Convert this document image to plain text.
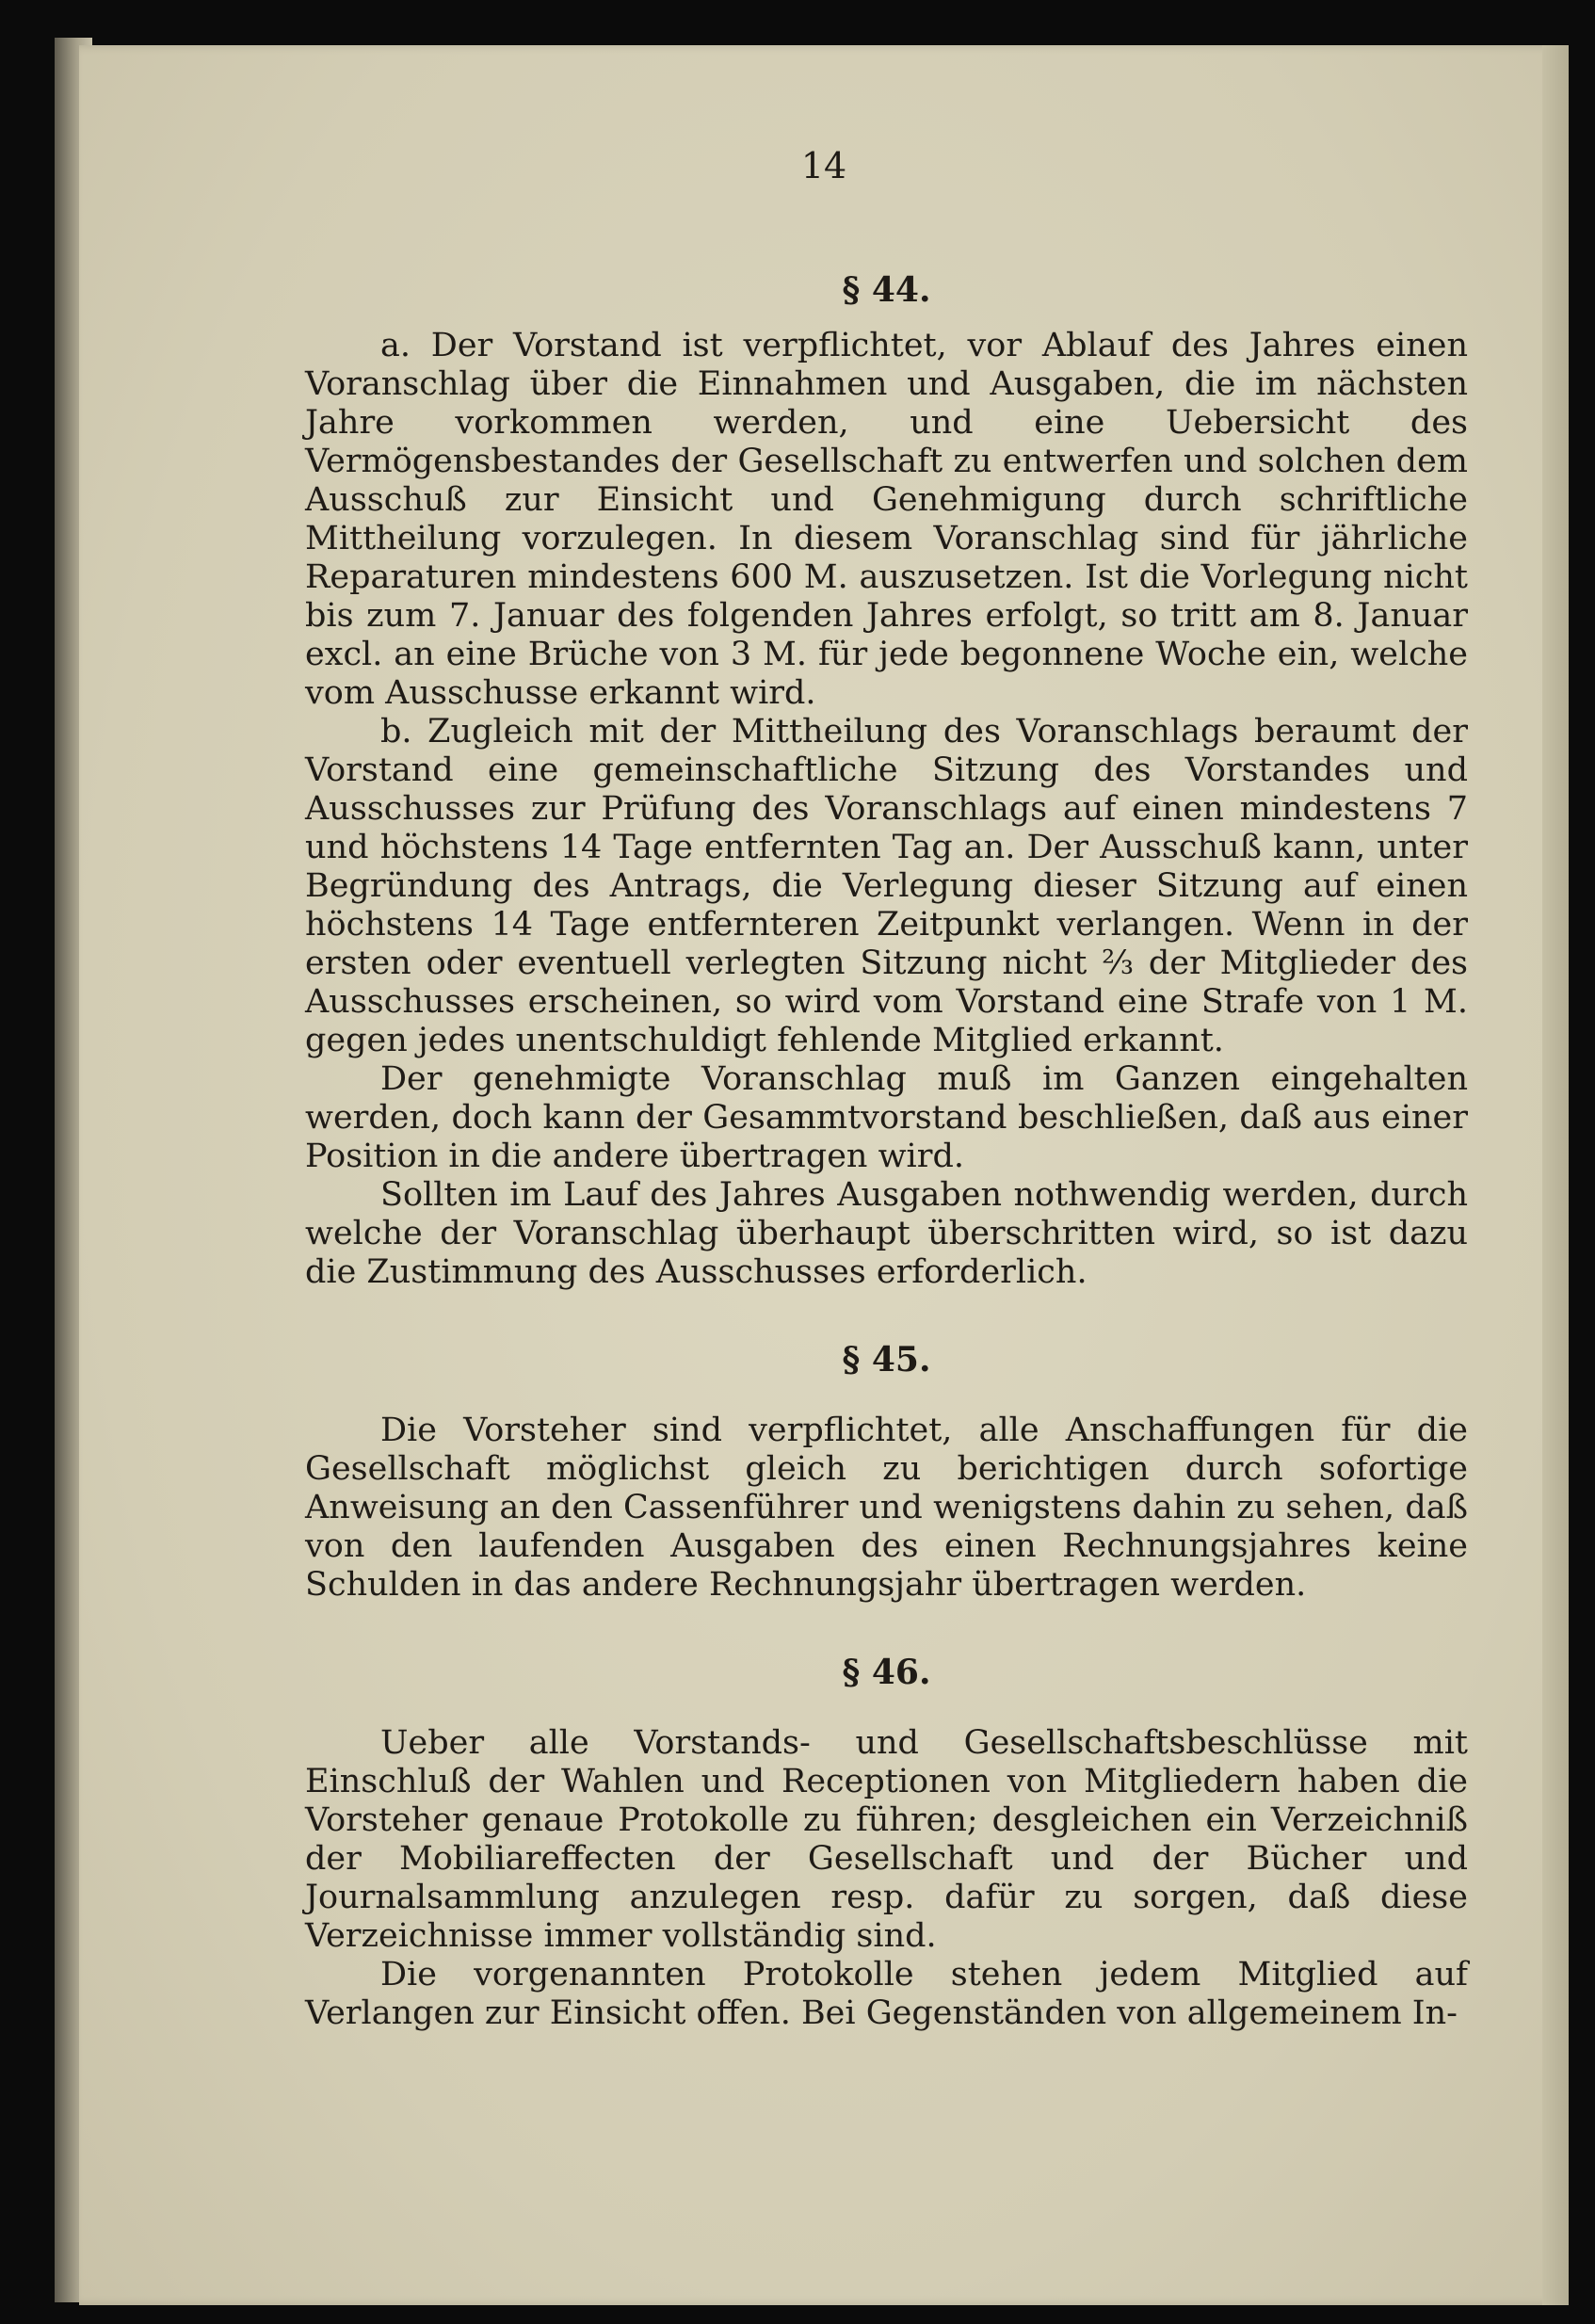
14
§ 44.

a. Der Vorstand ist verpflichtet, vor Ablauf des Jahres einen Voranschlag über die Einnahmen und Ausgaben, die im nächsten Jahre vorkommen werden, und eine Uebersicht des Vermögensbestandes der Gesellschaft zu entwerfen und solchen dem Ausschuß zur Einsicht und Genehmigung durch schriftliche Mittheilung vorzulegen. In diesem Voranschlag sind für jährliche Reparaturen mindestens 600 M. auszusetzen. Ist die Vorlegung nicht bis zum 7. Januar des folgenden Jahres erfolgt, so tritt am 8. Januar excl. an eine Brüche von 3 M. für jede begonnene Woche ein, welche vom Ausschusse erkannt wird.

b. Zugleich mit der Mittheilung des Voranschlags beraumt der Vorstand eine gemeinschaftliche Sitzung des Vorstandes und Ausschusses zur Prüfung des Voranschlags auf einen mindestens 7 und höchstens 14 Tage entfernten Tag an. Der Ausschuß kann, unter Begründung des Antrags, die Verlegung dieser Sitzung auf einen höchstens 14 Tage entfernteren Zeitpunkt verlangen. Wenn in der ersten oder eventuell verlegten Sitzung nicht ²⁄₃ der Mitglieder des Ausschusses erscheinen, so wird vom Vorstand eine Strafe von 1 M. gegen jedes unentschuldigt fehlende Mitglied erkannt.

Der genehmigte Voranschlag muß im Ganzen eingehalten werden, doch kann der Gesammtvorstand beschließen, daß aus einer Position in die andere übertragen wird.

Sollten im Lauf des Jahres Ausgaben nothwendig werden, durch welche der Voranschlag überhaupt überschritten wird, so ist dazu die Zustimmung des Ausschusses erforderlich.

§ 45.

Die Vorsteher sind verpflichtet, alle Anschaffungen für die Gesellschaft möglichst gleich zu berichtigen durch sofortige Anweisung an den Cassenführer und wenigstens dahin zu sehen, daß von den laufenden Ausgaben des einen Rechnungsjahres keine Schulden in das andere Rechnungsjahr übertragen werden.

§ 46.

Ueber alle Vorstands- und Gesellschaftsbeschlüsse mit Einschluß der Wahlen und Receptionen von Mitgliedern haben die Vorsteher genaue Protokolle zu führen; desgleichen ein Verzeichniß der Mobiliareffecten der Gesellschaft und der Bücher und Journalsammlung anzulegen resp. dafür zu sorgen, daß diese Verzeichnisse immer vollständig sind.

Die vorgenannten Protokolle stehen jedem Mitglied auf Verlangen zur Einsicht offen. Bei Gegenständen von allgemeinem In-
